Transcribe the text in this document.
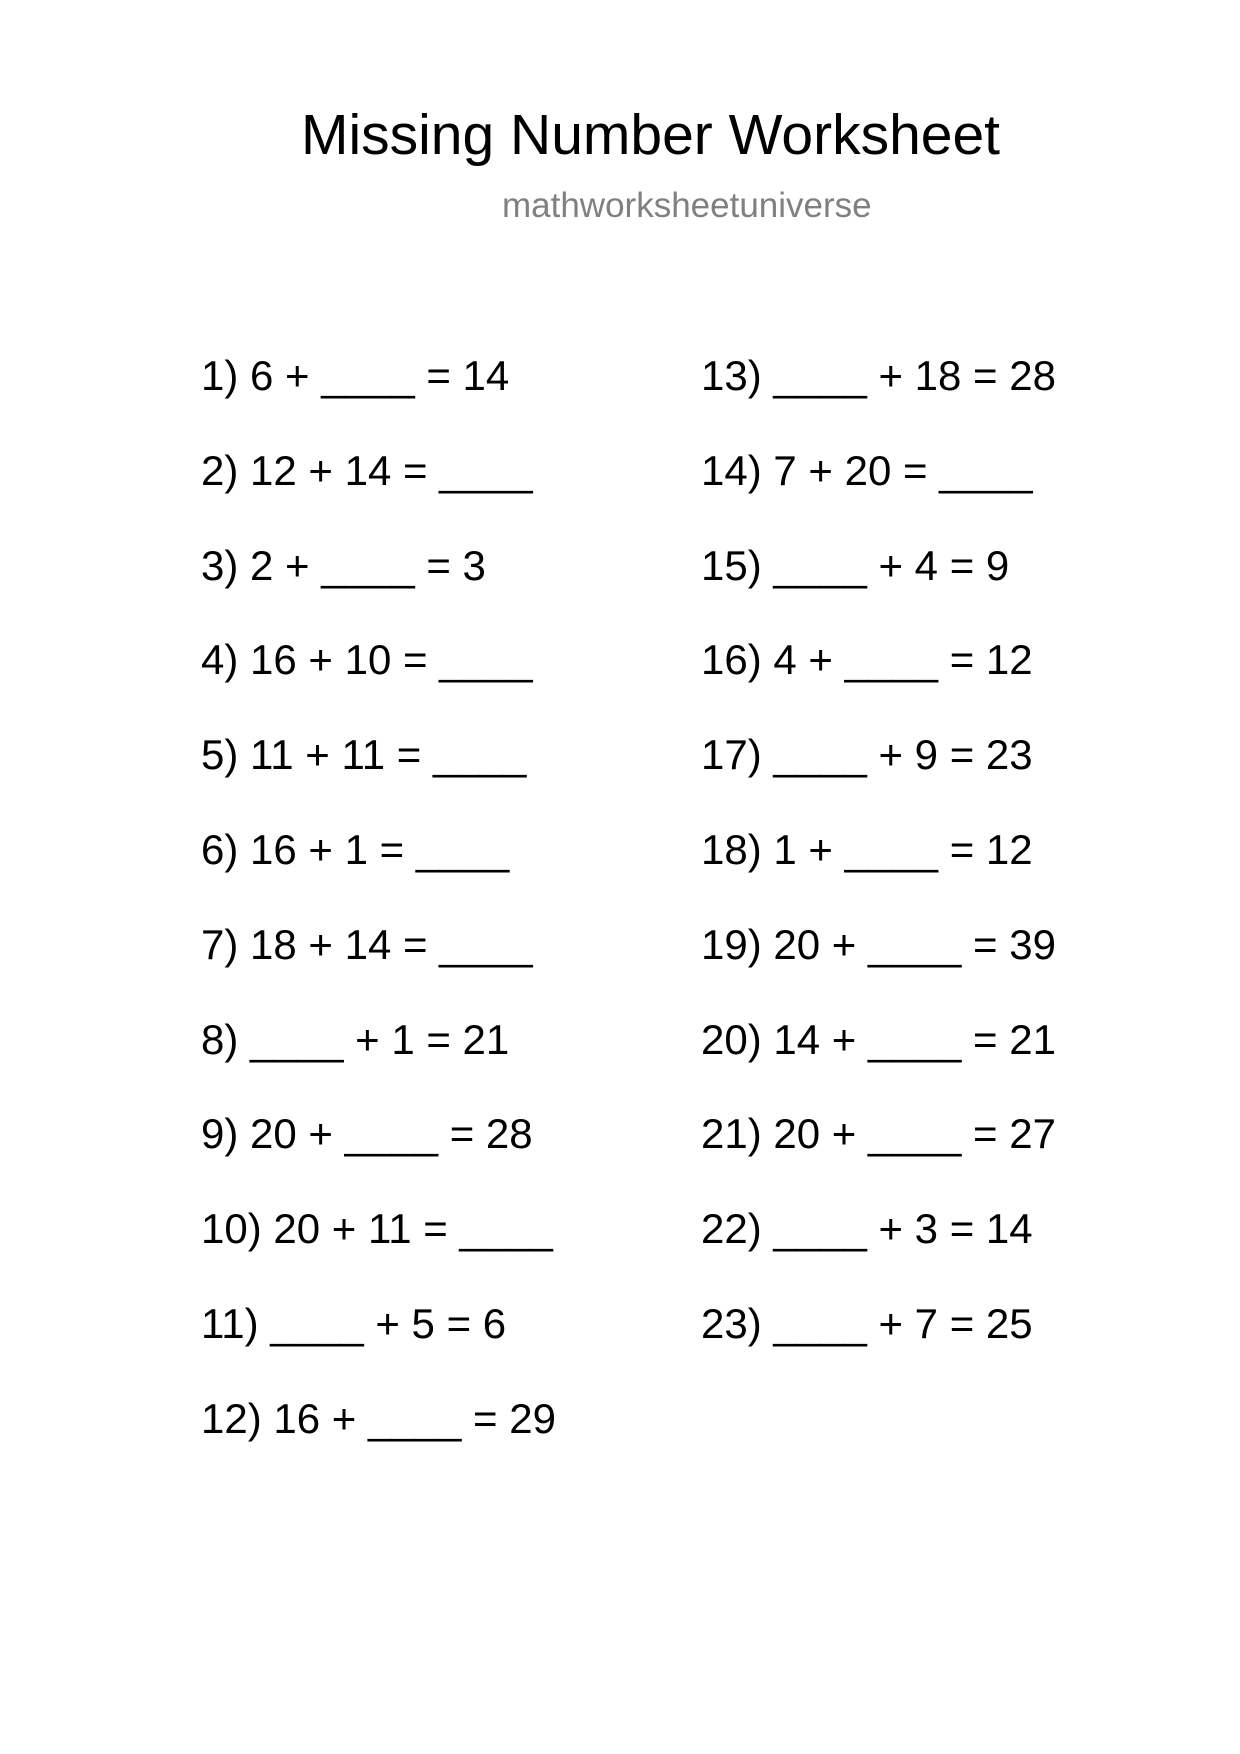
Missing Number Worksheet
mathworksheetuniverse
1) 6 + ____ = 14
2) 12 + 14 = ____
3) 2 + ____ = 3
4) 16 + 10 = ____
5) 11 + 11 = ____
6) 16 + 1 = ____
7) 18 + 14 = ____
8) ____ + 1 = 21
9) 20 + ____ = 28
10) 20 + 11 = ____
11) ____ + 5 = 6
12) 16 + ____ = 29
13) ____ + 18 = 28
14) 7 + 20 = ____
15) ____ + 4 = 9
16) 4 + ____ = 12
17) ____ + 9 = 23
18) 1 + ____ = 12
19) 20 + ____ = 39
20) 14 + ____ = 21
21) 20 + ____ = 27
22) ____ + 3 = 14
23) ____ + 7 = 25
